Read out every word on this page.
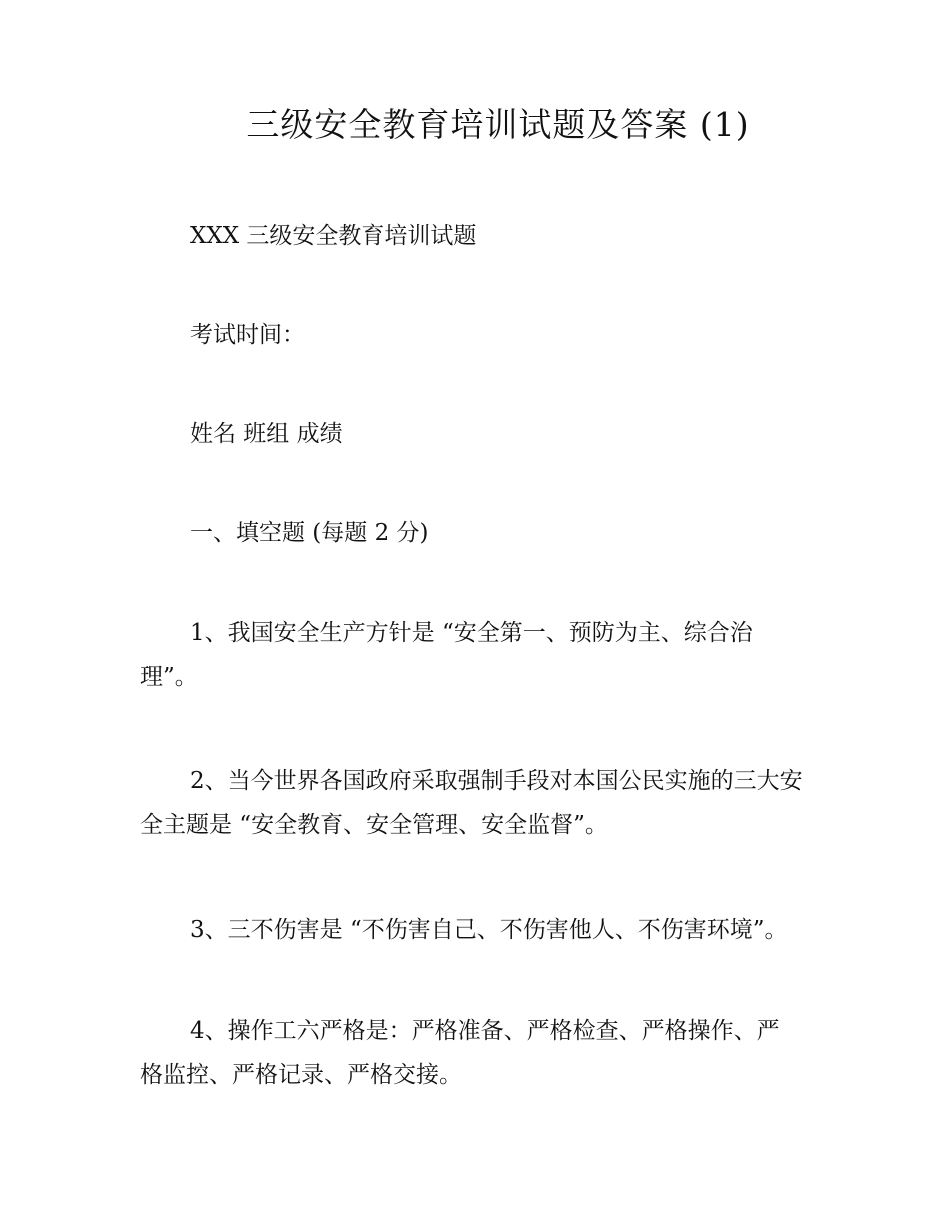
三级安全教育培训试题及答案 (1)

XXX 三级安全教育培训试题

考试时间：

姓名 班组 成绩

一、填空题 (每题 2 分)

1、我国安全生产方针是 “安全第一、预防为主、综合治理”。

2、当今世界各国政府采取强制手段对本国公民实施的三大安全主题是 “安全教育、安全管理、安全监督”。

3、三不伤害是 “不伤害自己、不伤害他人、不伤害环境”。

4、操作工六严格是：严格准备、严格检查、严格操作、严格监控、严格记录、严格交接。
